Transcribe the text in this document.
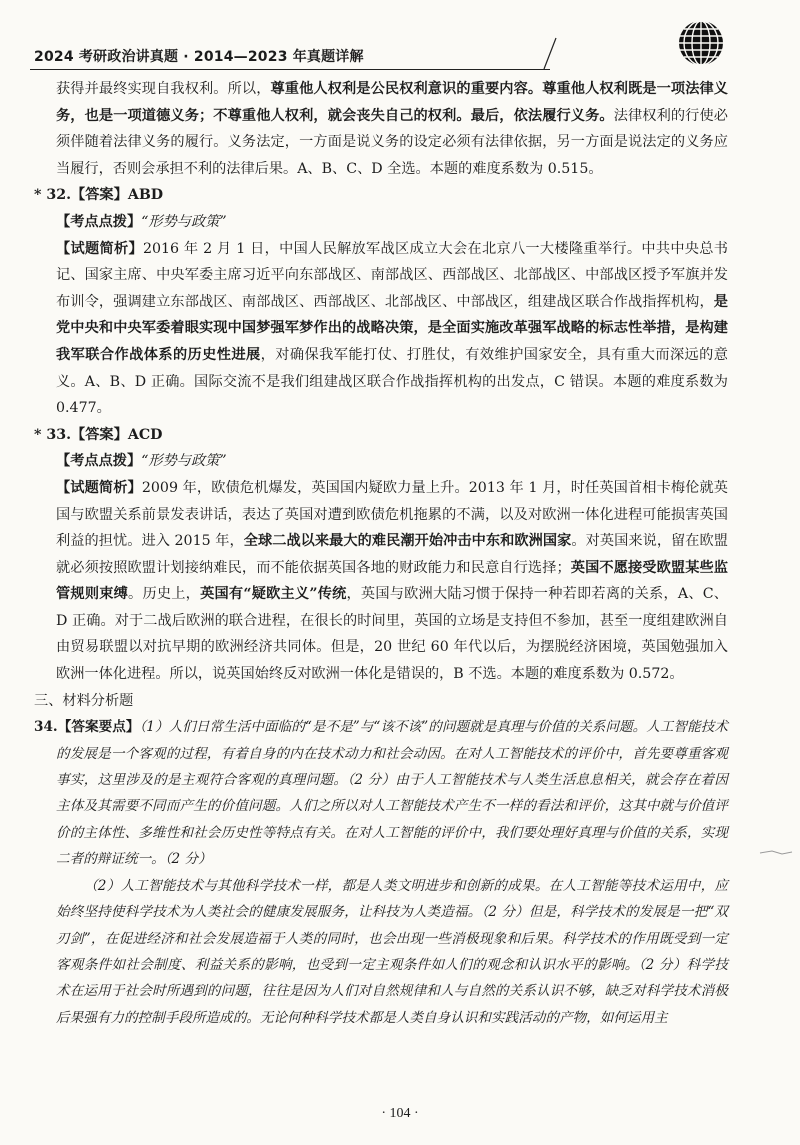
2024 考研政治讲真题 · 2014—2023 年真题详解

获得并最终实现自我权利。所以，尊重他人权利是公民权利意识的重要内容。尊重他人权利既是一项法律义务，也是一项道德义务；不尊重他人权利，就会丧失自己的权利。最后，依法履行义务。法律权利的行使必须伴随着法律义务的履行。义务法定，一方面是说义务的设定必须有法律依据，另一方面是说法定的义务应当履行，否则会承担不利的法律后果。A、B、C、D 全选。本题的难度系数为 0.515。

* 32.【答案】ABD

【考点点拨】“形势与政策”

【试题简析】2016 年 2 月 1 日，中国人民解放军战区成立大会在北京八一大楼隆重举行。中共中央总书记、国家主席、中央军委主席习近平向东部战区、南部战区、西部战区、北部战区、中部战区授予军旗并发布训令，强调建立东部战区、南部战区、西部战区、北部战区、中部战区，组建战区联合作战指挥机构，是党中央和中央军委着眼实现中国梦强军梦作出的战略决策，是全面实施改革强军战略的标志性举措，是构建我军联合作战体系的历史性进展，对确保我军能打仗、打胜仗，有效维护国家安全，具有重大而深远的意义。A、B、D 正确。国际交流不是我们组建战区联合作战指挥机构的出发点，C 错误。本题的难度系数为 0.477。

* 33.【答案】ACD

【考点点拨】“形势与政策”

【试题简析】2009 年，欧债危机爆发，英国国内疑欧力量上升。2013 年 1 月，时任英国首相卡梅伦就英国与欧盟关系前景发表讲话，表达了英国对遭到欧债危机拖累的不满，以及对欧洲一体化进程可能损害英国利益的担忧。进入 2015 年，全球二战以来最大的难民潮开始冲击中东和欧洲国家。对英国来说，留在欧盟就必须按照欧盟计划接纳难民，而不能依据英国各地的财政能力和民意自行选择；英国不愿接受欧盟某些监管规则束缚。历史上，英国有“疑欧主义”传统，英国与欧洲大陆习惯于保持一种若即若离的关系，A、C、D 正确。对于二战后欧洲的联合进程，在很长的时间里，英国的立场是支持但不参加，甚至一度组建欧洲自由贸易联盟以对抗早期的欧洲经济共同体。但是，20 世纪 60 年代以后，为摆脱经济困境，英国勉强加入欧洲一体化进程。所以，说英国始终反对欧洲一体化是错误的，B 不选。本题的难度系数为 0.572。

三、材料分析题

34.【答案要点】（1）人们日常生活中面临的“是不是”与“该不该”的问题就是真理与价值的关系问题。人工智能技术的发展是一个客观的过程，有着自身的内在技术动力和社会动因。在对人工智能技术的评价中，首先要尊重客观事实，这里涉及的是主观符合客观的真理问题。（2 分）由于人工智能技术与人类生活息息相关，就会存在着因主体及其需要不同而产生的价值问题。人们之所以对人工智能技术产生不一样的看法和评价，这其中就与价值评价的主体性、多维性和社会历史性等特点有关。在对人工智能的评价中，我们要处理好真理与价值的关系，实现二者的辩证统一。（2 分）

（2）人工智能技术与其他科学技术一样，都是人类文明进步和创新的成果。在人工智能等技术运用中，应始终坚持使科学技术为人类社会的健康发展服务，让科技为人类造福。（2 分）但是，科学技术的发展是一把“双刃剑”，在促进经济和社会发展造福于人类的同时，也会出现一些消极现象和后果。科学技术的作用既受到一定客观条件如社会制度、利益关系的影响，也受到一定主观条件如人们的观念和认识水平的影响。（2 分）科学技术在运用于社会时所遇到的问题，往往是因为人们对自然规律和人与自然的关系认识不够，缺乏对科学技术消极后果强有力的控制手段所造成的。无论何种科学技术都是人类自身认识和实践活动的产物，如何运用主

· 104 ·
